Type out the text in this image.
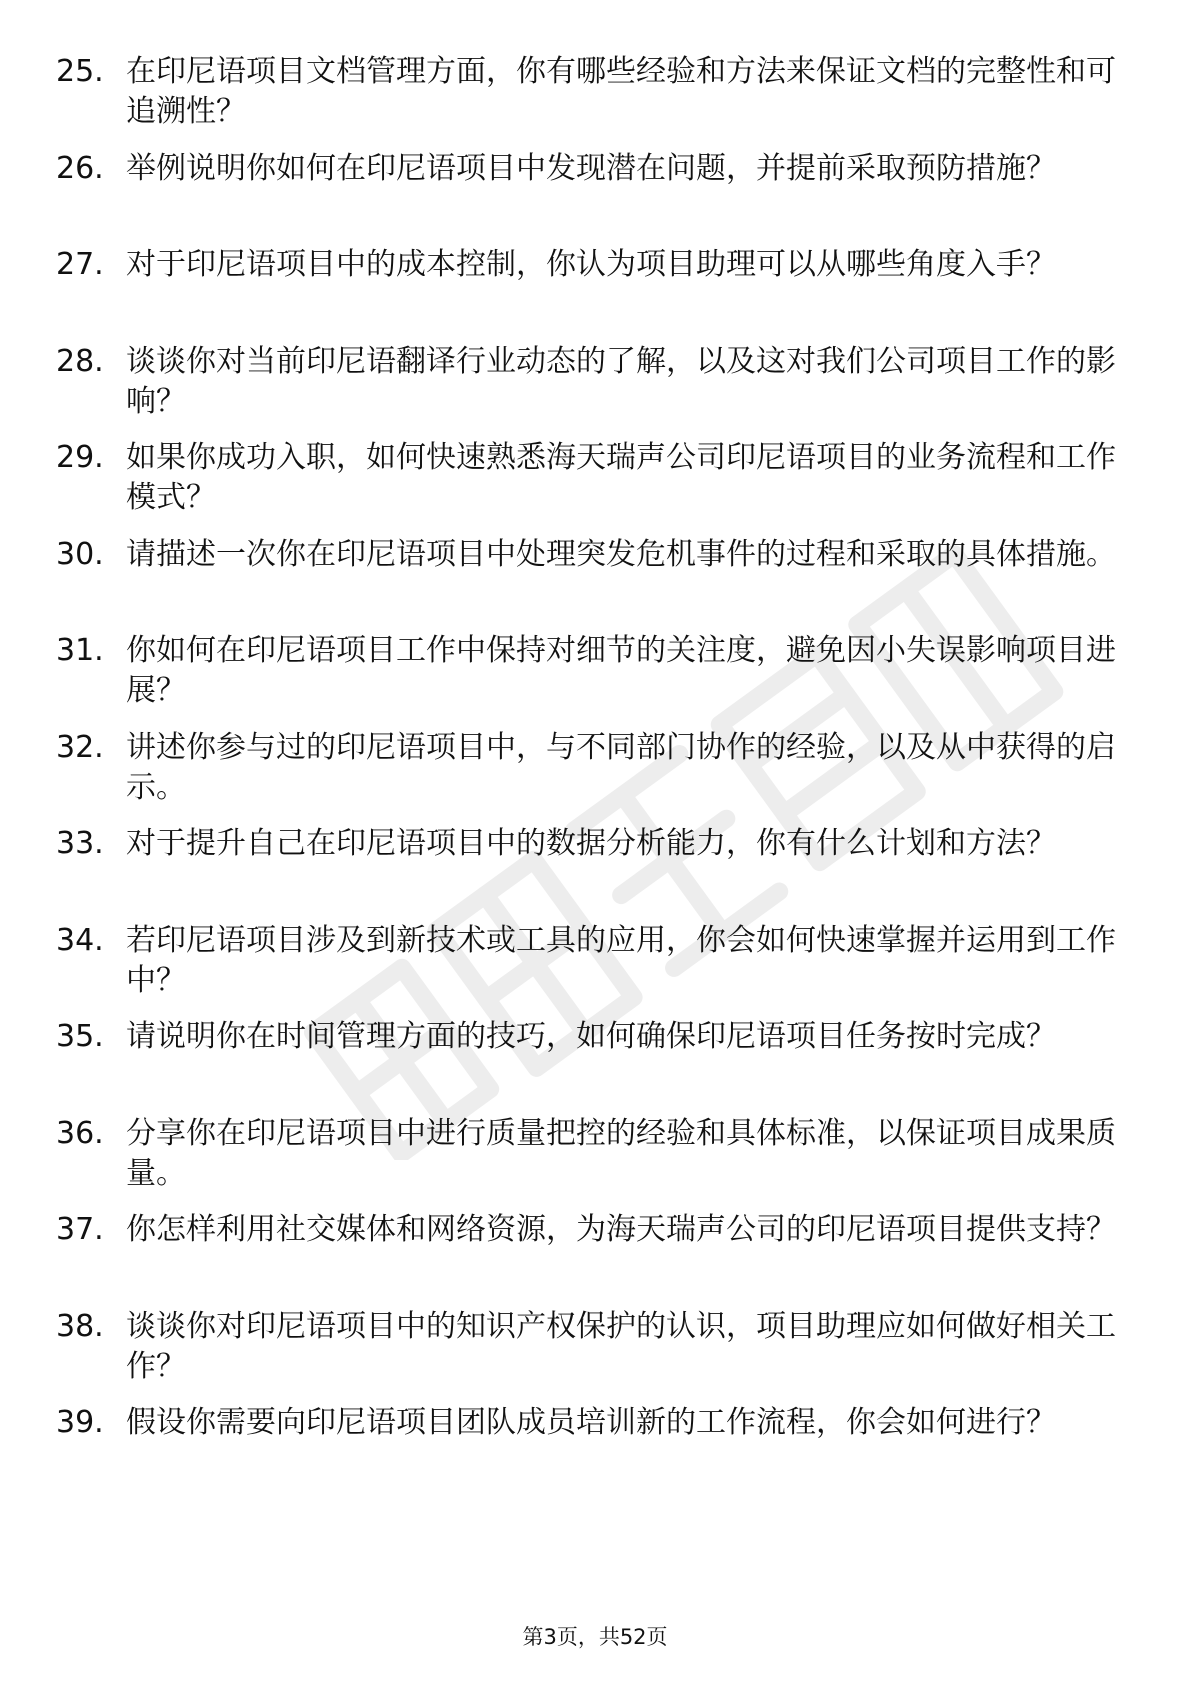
25. 在印尼语项目文档管理方面，你有哪些经验和方法来保证文档的完整性和可追溯性？
26. 举例说明你如何在印尼语项目中发现潜在问题，并提前采取预防措施？
27. 对于印尼语项目中的成本控制，你认为项目助理可以从哪些角度入手？
28. 谈谈你对当前印尼语翻译行业动态的了解，以及这对我们公司项目工作的影响？
29. 如果你成功入职，如何快速熟悉海天瑞声公司印尼语项目的业务流程和工作模式？
30. 请描述一次你在印尼语项目中处理突发危机事件的过程和采取的具体措施。
31. 你如何在印尼语项目工作中保持对细节的关注度，避免因小失误影响项目进展？
32. 讲述你参与过的印尼语项目中，与不同部门协作的经验，以及从中获得的启示。
33. 对于提升自己在印尼语项目中的数据分析能力，你有什么计划和方法？
34. 若印尼语项目涉及到新技术或工具的应用，你会如何快速掌握并运用到工作中？
35. 请说明你在时间管理方面的技巧，如何确保印尼语项目任务按时完成？
36. 分享你在印尼语项目中进行质量把控的经验和具体标准，以保证项目成果质量。
37. 你怎样利用社交媒体和网络资源，为海天瑞声公司的印尼语项目提供支持？
38. 谈谈你对印尼语项目中的知识产权保护的认识，项目助理应如何做好相关工作？
39. 假设你需要向印尼语项目团队成员培训新的工作流程，你会如何进行？
第3页，共52页
